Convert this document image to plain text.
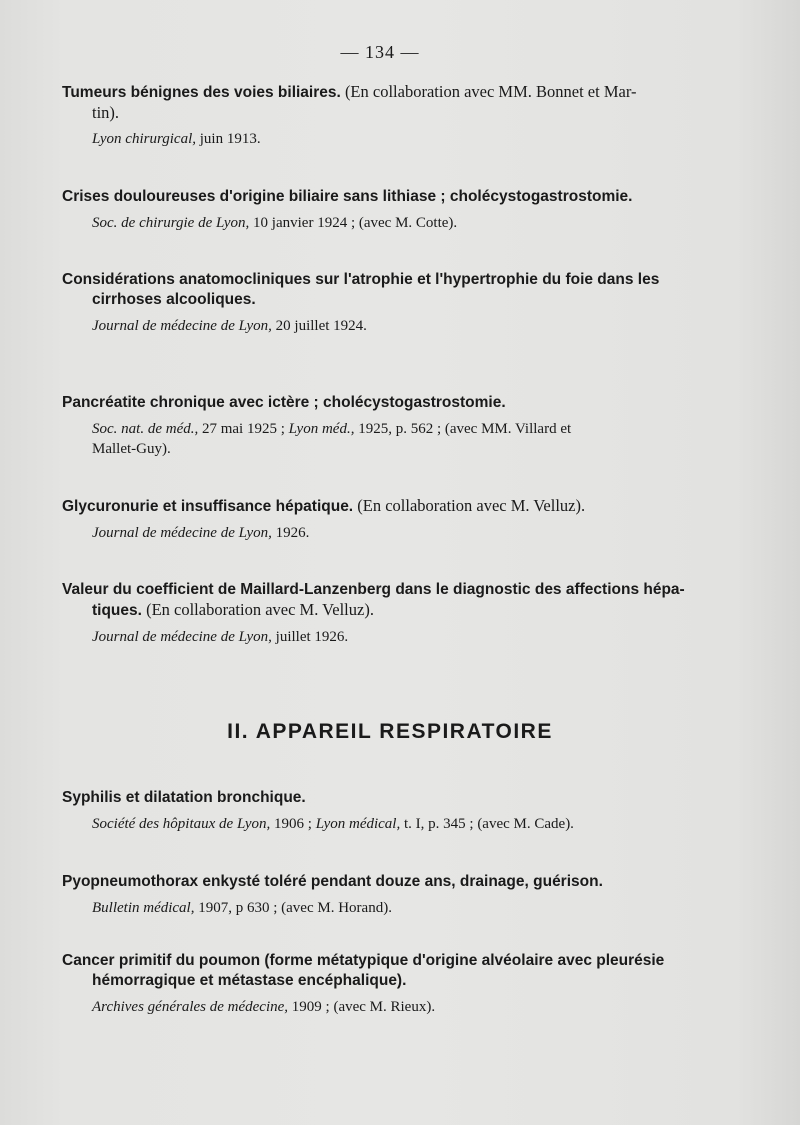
— 134 —

Tumeurs bénignes des voies biliaires. (En collaboration avec MM. Bonnet et Mar-
tin).

Lyon chirurgical, juin 1913.

Crises douloureuses d'origine biliaire sans lithiase ; cholécystogastrostomie.

Soc. de chirurgie de Lyon, 10 janvier 1924 ; (avec M. Cotte).

Considérations anatomocliniques sur l'atrophie et l'hypertrophie du foie dans les
cirrhoses alcooliques.

Journal de médecine de Lyon, 20 juillet 1924.

Pancréatite chronique avec ictère ; cholécystogastrostomie.

Soc. nat. de méd., 27 mai 1925 ; Lyon méd., 1925, p. 562 ; (avec MM. Villard et
Mallet-Guy).

Glycuronurie et insuffisance hépatique. (En collaboration avec M. Velluz).

Journal de médecine de Lyon, 1926.

Valeur du coefficient de Maillard-Lanzenberg dans le diagnostic des affections hépa-
tiques. (En collaboration avec M. Velluz).

Journal de médecine de Lyon, juillet 1926.

II. APPAREIL RESPIRATOIRE

Syphilis et dilatation bronchique.

Société des hôpitaux de Lyon, 1906 ; Lyon médical, t. I, p. 345 ; (avec M. Cade).

Pyopneumothorax enkysté toléré pendant douze ans, drainage, guérison.

Bulletin médical, 1907, p 630 ; (avec M. Horand).

Cancer primitif du poumon (forme métatypique d'origine alvéolaire avec pleurésie
hémorragique et métastase encéphalique).

Archives générales de médecine, 1909 ; (avec M. Rieux).
